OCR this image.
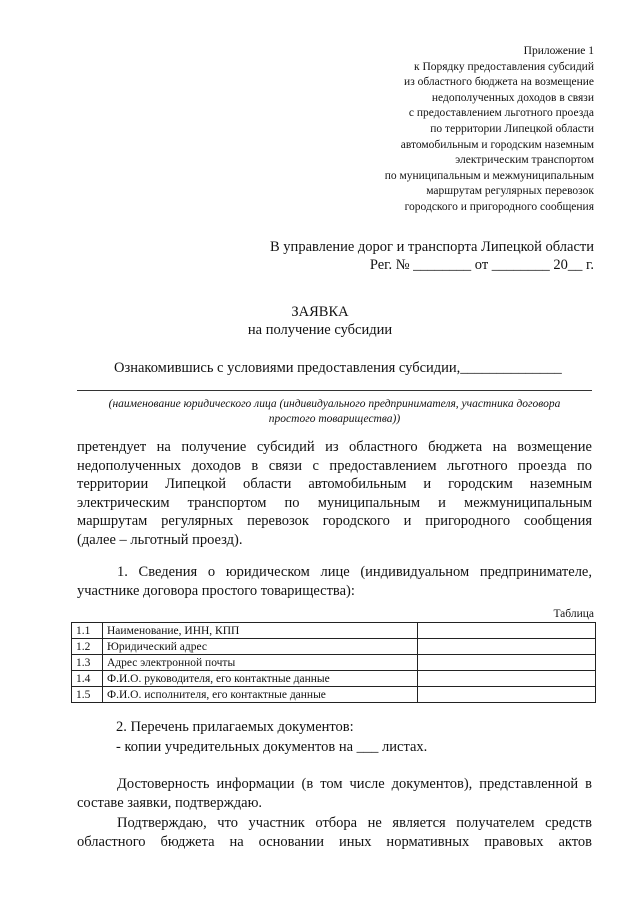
Приложение 1
к Порядку предоставления субсидий
из областного бюджета на возмещение
недополученных доходов в связи
с предоставлением льготного проезда
по территории Липецкой области
автомобильным и городским наземным
электрическим транспортом
по муниципальным и межмуниципальным
маршрутам регулярных перевозок
городского и пригородного сообщения
В управление дорог и транспорта Липецкой области
Рег. № ________ от ________ 20__ г.
ЗАЯВКА
на получение субсидии
Ознакомившись с условиями предоставления субсидии,______________
(наименование юридического лица (индивидуального предпринимателя, участника договора
простого товарищества))
претендует на получение субсидий из областного бюджета на возмещение
недополученных доходов в связи с предоставлением льготного проезда по
территории Липецкой области автомобильным и городским наземным
электрическим транспортом по муниципальным и межмуниципальным
маршрутам регулярных перевозок городского и пригородного сообщения
(далее – льготный проезд).
1. Сведения о юридическом лице (индивидуальном предпринимателе,
участнике договора простого товарищества):
Таблица
1.1	Наименование, ИНН, КПП	
1.2	Юридический адрес	
1.3	Адрес электронной почты	
1.4	Ф.И.О. руководителя, его контактные данные	
1.5	Ф.И.О. исполнителя, его контактные данные	
2. Перечень прилагаемых документов:
- копии учредительных документов на ___ листах.
Достоверность информации (в том числе документов), представленной в
составе заявки, подтверждаю.
Подтверждаю, что участник отбора не является получателем средств
областного бюджета на основании иных нормативных правовых актов
